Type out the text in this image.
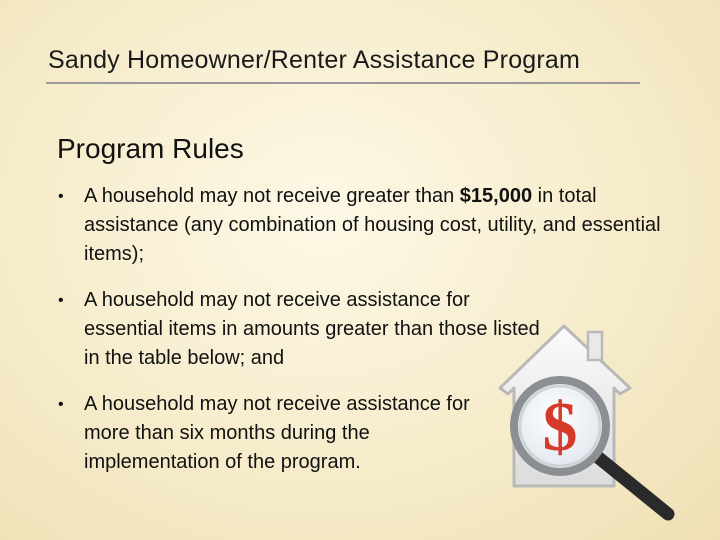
Sandy Homeowner/Renter Assistance Program
Program Rules
• A household may not receive greater than $15,000 in total assistance (any combination of housing cost, utility, and essential items);
• A household may not receive assistance for essential items in amounts greater than those listed in the table below; and
• A household may not receive assistance for more than six months during the implementation of the program.	$
